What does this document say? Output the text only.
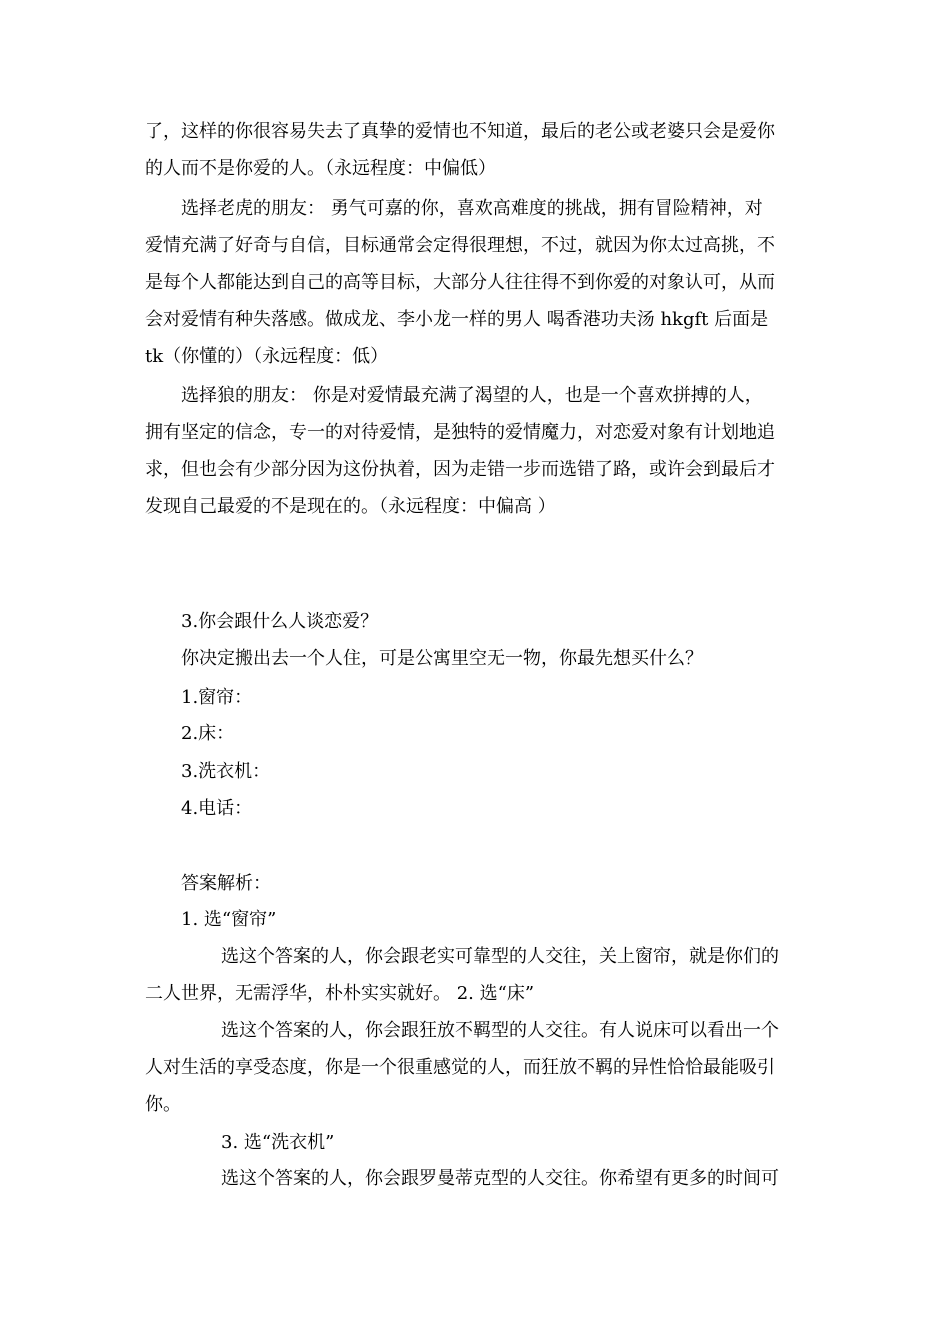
了，这样的你很容易失去了真挚的爱情也不知道，最后的老公或老婆只会是爱你
的人而不是你爱的人。（永远程度：中偏低）
选择老虎的朋友： 勇气可嘉的你，喜欢高难度的挑战，拥有冒险精神，对
爱情充满了好奇与自信，目标通常会定得很理想，不过，就因为你太过高挑，不
是每个人都能达到自己的高等目标，大部分人往往得不到你爱的对象认可，从而
会对爱情有种失落感。做成龙、李小龙一样的男人 喝香港功夫汤 hkgft 后面是
tk（你懂的）（永远程度：低）
选择狼的朋友： 你是对爱情最充满了渴望的人，也是一个喜欢拼搏的人，
拥有坚定的信念，专一的对待爱情，是独特的爱情魔力，对恋爱对象有计划地追
求，但也会有少部分因为这份执着，因为走错一步而选错了路，或许会到最后才
发现自己最爱的不是现在的。（永远程度：中偏高 ）
3.你会跟什么人谈恋爱？
你决定搬出去一个人住，可是公寓里空无一物，你最先想买什么？
1.窗帘：
2.床：
3.洗衣机：
4.电话：
答案解析：
1. 选“窗帘”
选这个答案的人，你会跟老实可靠型的人交往，关上窗帘，就是你们的
二人世界，无需浮华，朴朴实实就好。 2. 选“床”
选这个答案的人，你会跟狂放不羁型的人交往。有人说床可以看出一个
人对生活的享受态度，你是一个很重感觉的人，而狂放不羁的异性恰恰最能吸引
你。
3. 选“洗衣机”
选这个答案的人，你会跟罗曼蒂克型的人交往。你希望有更多的时间可
